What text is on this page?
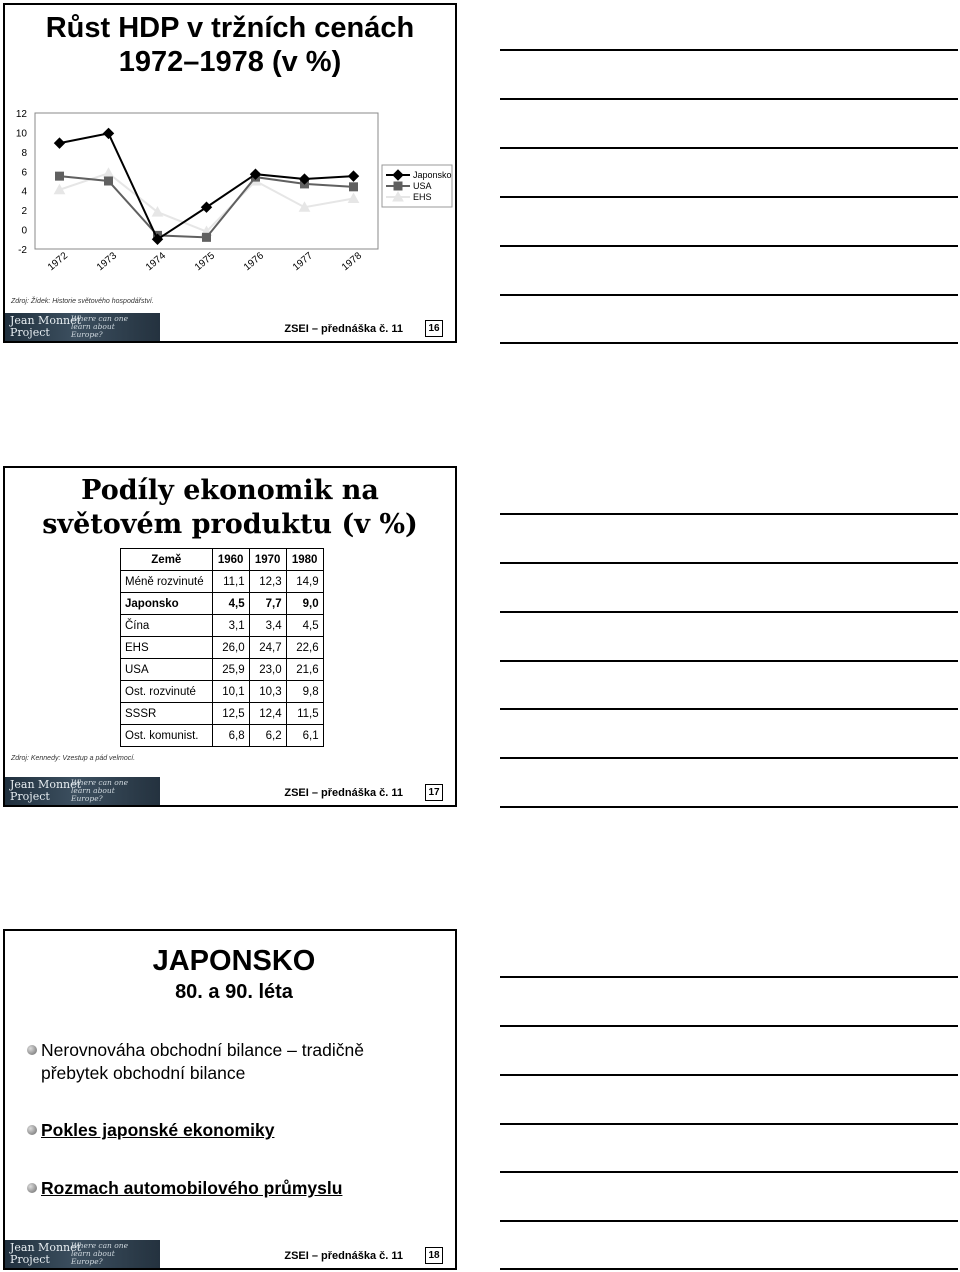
Růst HDP v tržních cenách
1972–1978 (v %)
12
10
8
6
4
2
0
-2 1972 1973 1974 1975 1976 1977 1978
Japonsko
USA
EHS
Zdroj: Žídek: Historie světového hospodářství.
Jean Monnet
Project
Where can one
learn about
Europe?	ZSEI – přednáška č. 11	16
Podíly ekonomik na
světovém produktu (v %)
Země	1960	1970	1980
Méně rozvinuté	11,1	12,3	14,9
Japonsko	4,5	7,7	9,0
Čína	3,1	3,4	4,5
EHS	26,0	24,7	22,6
USA	25,9	23,0	21,6
Ost. rozvinuté	10,1	10,3	9,8
SSSR	12,5	12,4	11,5
Ost. komunist.	6,8	6,2	6,1
Zdroj: Kennedy: Vzestup a pád velmocí.
Jean Monnet
Project
Where can one
learn about
Europe?	ZSEI – přednáška č. 11	17
JAPONSKO
80. a 90. léta
Nerovnováha obchodní bilance – tradičně přebytek obchodní bilance
Pokles japonské ekonomiky
Rozmach automobilového průmyslu
Jean Monnet
Project
Where can one
learn about
Europe?	ZSEI – přednáška č. 11	18
